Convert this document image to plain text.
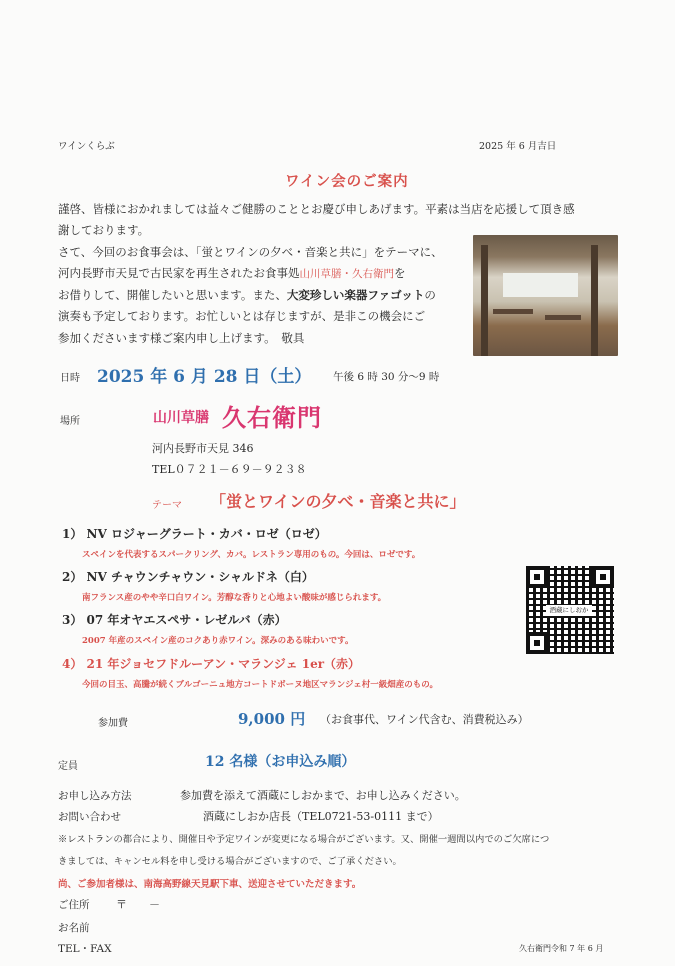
ワインくらぶ	2025 年 6 月吉日
ワイン会のご案内
謹啓、皆様におかれましては益々ご健勝のこととお慶び申しあげます。平素は当店を応援して頂き感
謝しております。
さて、今回のお食事会は、「蛍とワインの夕べ・音楽と共に」をテーマに、
河内長野市天見で古民家を再生されたお食事処山川草膳・久右衛門を
お借りして、開催したいと思います。また、大変珍しい楽器ファゴットの
演奏も予定しております。お忙しいとは存じますが、是非この機会にご
参加くださいます様ご案内申し上げます。　敬具
日時 2025 年 6 月 28 日（土） 午後 6 時 30 分～9 時
場所	山川草膳 久右衛門
河内長野市天見 346
TEL０７２１－６９－９２３８
テーマ 「蛍とワインの夕べ・音楽と共に」
1） NV ロジャーグラート・カバ・ロゼ（ロゼ）
スペインを代表するスパークリング、カバ。レストラン専用のもの。今回は、ロゼです。
2） NV チャウンチャウン・シャルドネ（白）
南フランス産のやや辛口白ワイン。芳醇な香りと心地よい酸味が感じられます。
3） 07 年オヤエスペサ・レゼルバ（赤）
2007 年産のスペイン産のコクあり赤ワイン。深みのある味わいです。
4） 21 年ジョセフドルーアン・マランジェ 1er（赤）
今回の目玉、高騰が続くブルゴーニュ地方コートドボーヌ地区マランジェ村一級畑産のもの。
酒蔵にしおか
参加費	9,000 円 （お食事代、ワイン代含む、消費税込み）
定員	12 名様（お申込み順）
お申し込み方法	参加費を添えて酒蔵にしおかまで、お申し込みください。
お問い合わせ	酒蔵にしおか店長（TEL0721-53-0111 まで）
※レストランの都合により、開催日や予定ワインが変更になる場合がございます。又、開催一週間以内でのご欠席につ
きましては、キャンセル料を申し受ける場合がございますので、ご了承ください。
尚、ご参加者様は、南海高野線天見駅下車、送迎させていただきます。
ご住所 〒　　－
お名前
TEL・FAX	久右衛門令和 7 年 6 月
